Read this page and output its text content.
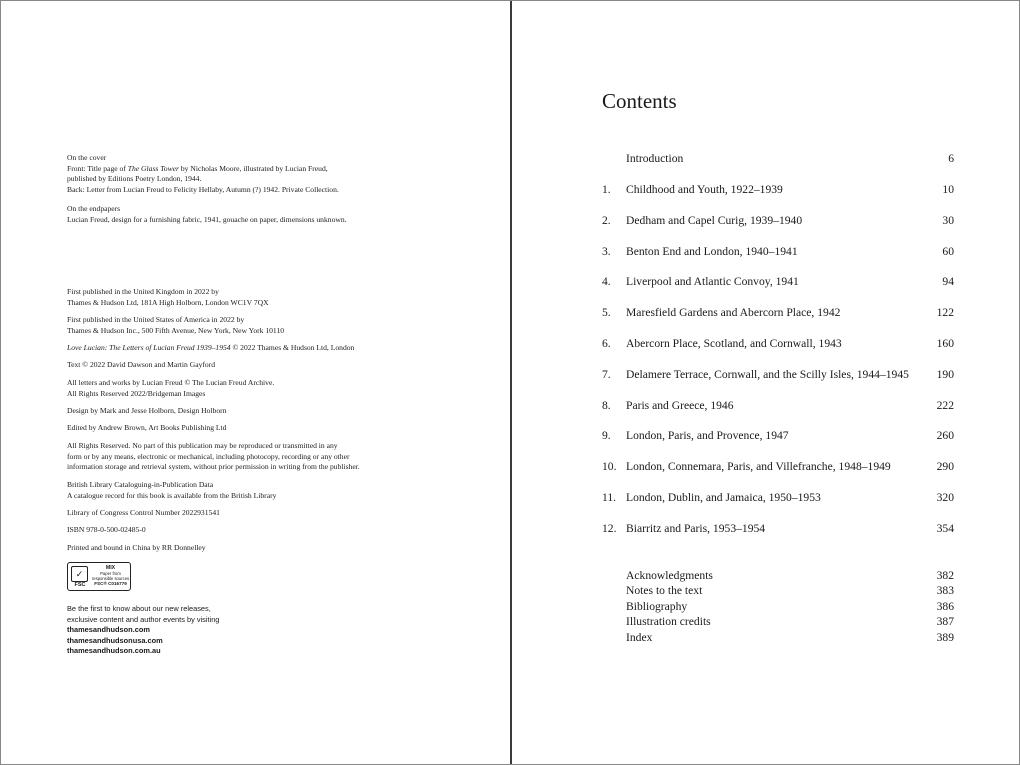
On the cover

Front: Title page of The Glass Tower by Nicholas Moore, illustrated by Lucian Freud,

published by Editions Poetry London, 1944.

Back: Letter from Lucian Freud to Felicity Hellaby, Autumn (?) 1942. Private Collection.

On the endpapers

Lucian Freud, design for a furnishing fabric, 1941, gouache on paper, dimensions unknown.

First published in the United Kingdom in 2022 by

Thames & Hudson Ltd, 181A High Holborn, London WC1V 7QX

First published in the United States of America in 2022 by

Thames & Hudson Inc., 500 Fifth Avenue, New York, New York 10110

Love Lucian: The Letters of Lucian Freud 1939–1954 © 2022 Thames & Hudson Ltd, London

Text © 2022 David Dawson and Martin Gayford

All letters and works by Lucian Freud © The Lucian Freud Archive.

All Rights Reserved 2022/Bridgeman Images

Design by Mark and Jesse Holborn, Design Holborn

Edited by Andrew Brown, Art Books Publishing Ltd

All Rights Reserved. No part of this publication may be reproduced or transmitted in any

form or by any means, electronic or mechanical, including photocopy, recording or any other

information storage and retrieval system, without prior permission in writing from the publisher.

British Library Cataloguing-in-Publication Data

A catalogue record for this book is available from the British Library

Library of Congress Control Number 2022931541

ISBN 978-0-500-02485-0

Printed and bound in China by RR Donnelley

✓
FSC
MIX
Paper from
responsible sources
FSC® C016779

Be the first to know about our new releases,

exclusive content and author events by visiting

thamesandhudson.com

thamesandhudsonusa.com

thamesandhudson.com.au

Contents
Introduction	6
1. Childhood and Youth, 1922–1939	10
2. Dedham and Capel Curig, 1939–1940	30
3. Benton End and London, 1940–1941	60
4. Liverpool and Atlantic Convoy, 1941	94
5. Maresfield Gardens and Abercorn Place, 1942	122
6. Abercorn Place, Scotland, and Cornwall, 1943	160
7. Delamere Terrace, Cornwall, and the Scilly Isles, 1944–1945 190
8. Paris and Greece, 1946	222
9. London, Paris, and Provence, 1947	260
10. London, Connemara, Paris, and Villefranche, 1948–1949	290
11. London, Dublin, and Jamaica, 1950–1953	320
12. Biarritz and Paris, 1953–1954	354
Acknowledgments	382
Notes to the text	383
Bibliography	386
Illustration credits	387
Index	389
